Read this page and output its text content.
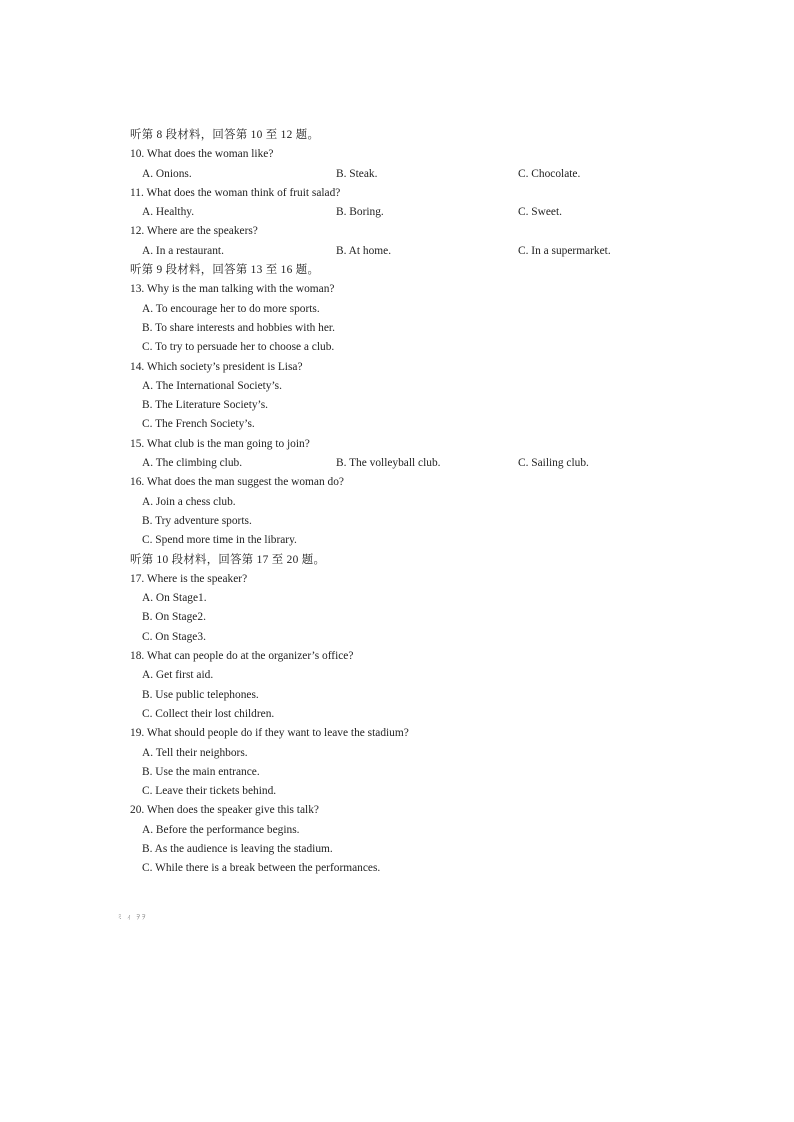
听第 8 段材料，回答第 10 至 12 题。
10. What does the woman like?
A. Onions.	B. Steak.	C. Chocolate.
11. What does the woman think of fruit salad?
A. Healthy.	B. Boring.	C. Sweet.
12. Where are the speakers?
A. In a restaurant.	B. At home.	C. In a supermarket.
听第 9 段材料，回答第 13 至 16 题。
13. Why is the man talking with the woman?
A. To encourage her to do more sports.
B. To share interests and hobbies with her.
C. To try to persuade her to choose a club.
14. Which society’s president is Lisa?
A. The International Society’s.
B. The Literature Society’s.
C. The French Society’s.
15. What club is the man going to join?
A. The climbing club.	B. The volleyball club.	C. Sailing club.
16. What does the man suggest the woman do?
A. Join a chess club.
B. Try adventure sports.
C. Spend more time in the library.
听第 10 段材料，回答第 17 至 20 题。
17. Where is the speaker?
A. On Stage1.
B. On Stage2.
C. On Stage3.
18. What can people do at the organizer’s office?
A. Get first aid.
B. Use public telephones.
C. Collect their lost children.
19. What should people do if they want to leave the stadium?
A. Tell their neighbors.
B. Use the main entrance.
C. Leave their tickets behind.
20. When does the speaker give this talk?
A. Before the performance begins.
B. As the audience is leaving the stadium.
C. While there is a break between the performances.
ﾐ ｨ ｦｦ
